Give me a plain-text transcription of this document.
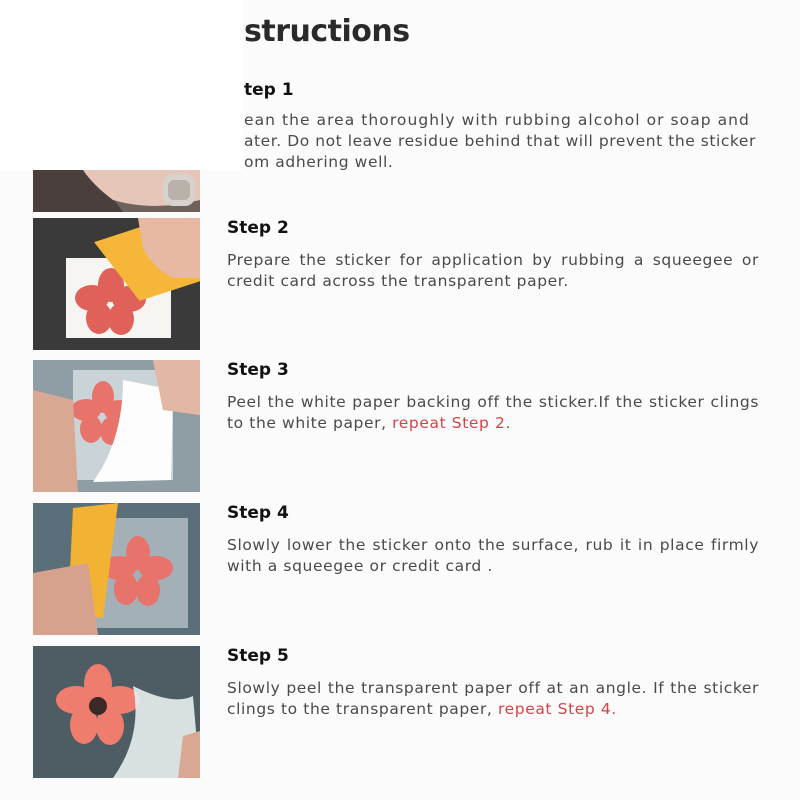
structions
tep 1
ean the area thoroughly with rubbing alcohol or soap and
ater. Do not leave residue behind that will prevent the sticker
om adhering well.
Step 2
Prepare the sticker for application by rubbing a squeegee or credit card across the transparent paper.
Step 3
Peel the white paper backing off the sticker.If the sticker clings to the white paper, repeat Step 2.
Step 4
Slowly lower the sticker onto the surface, rub it in place firmly with a squeegee or credit card .
Step 5
Slowly peel the transparent paper off at an angle. If the sticker clings to the transparent paper, repeat Step 4.
